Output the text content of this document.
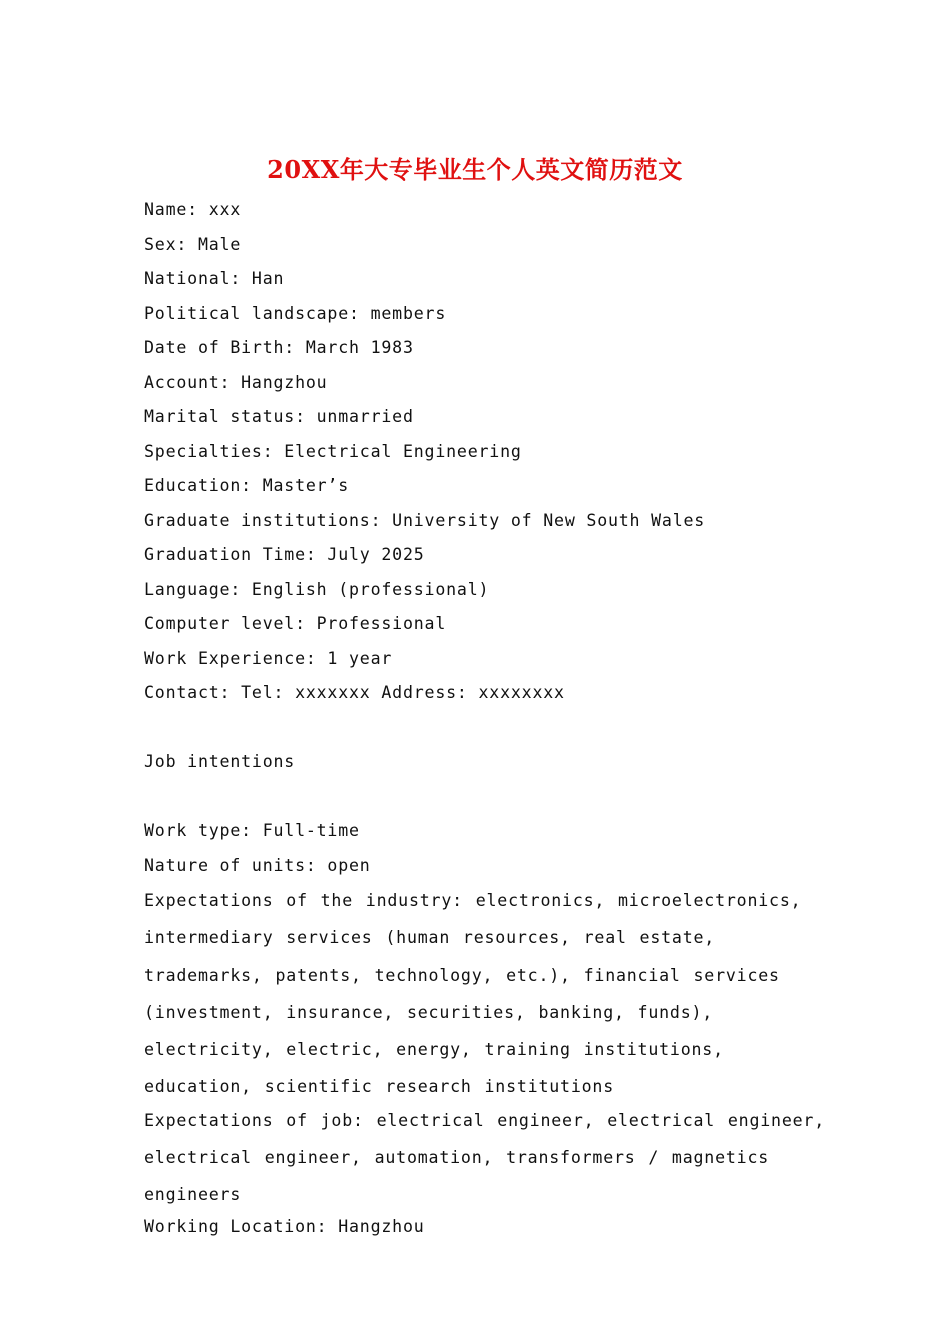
20XX年大专毕业生个人英文简历范文
Name: xxx
Sex: Male
National: Han
Political landscape: members
Date of Birth: March 1983
Account: Hangzhou
Marital status: unmarried
Specialties: Electrical Engineering
Education: Master’s
Graduate institutions: University of New South Wales
Graduation Time: July 2025
Language: English (professional)
Computer level: Professional
Work Experience: 1 year
Contact: Tel: xxxxxxx Address: xxxxxxxx
Job intentions
Work type: Full-time
Nature of units: open
Expectations of the industry: electronics, microelectronics, intermediary services (human resources, real estate, trademarks, patents, technology, etc.), financial services (investment, insurance, securities, banking, funds), electricity, electric, energy, training institutions, education, scientific research institutions
Expectations of job: electrical engineer, electrical engineer, electrical engineer, automation, transformers / magnetics engineers
Working Location: Hangzhou
